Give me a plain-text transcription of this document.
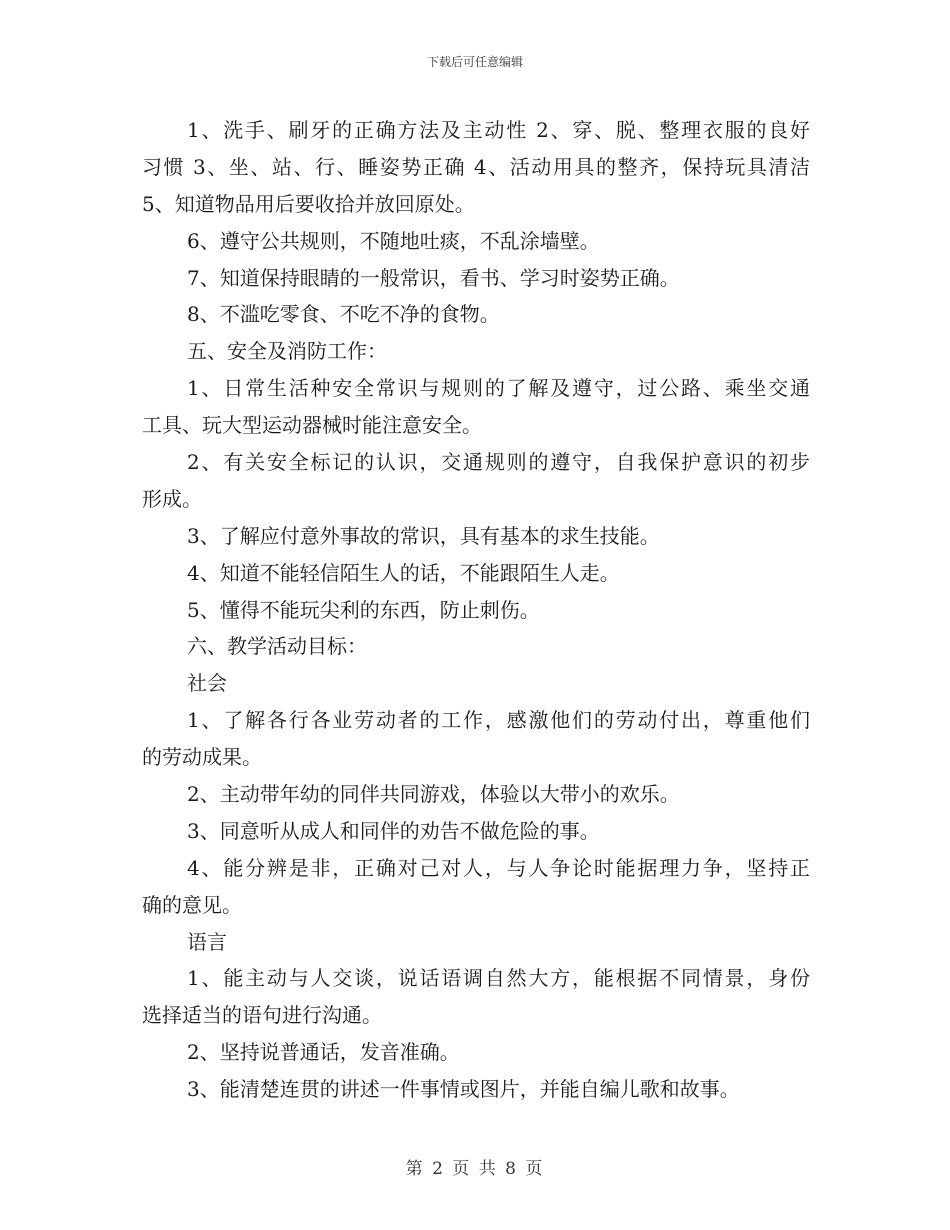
下载后可任意编辑
1、洗手、刷牙的正确方法及主动性 2、穿、脱、整理衣服的良好
习惯 3、坐、站、行、睡姿势正确 4、活动用具的整齐，保持玩具清洁
5、知道物品用后要收拾并放回原处。
6、遵守公共规则，不随地吐痰，不乱涂墙壁。
7、知道保持眼睛的一般常识，看书、学习时姿势正确。
8、不滥吃零食、不吃不净的食物。
五、安全及消防工作：
1、日常生活种安全常识与规则的了解及遵守，过公路、乘坐交通
工具、玩大型运动器械时能注意安全。
2、有关安全标记的认识，交通规则的遵守，自我保护意识的初步
形成。
3、了解应付意外事故的常识，具有基本的求生技能。
4、知道不能轻信陌生人的话，不能跟陌生人走。
5、懂得不能玩尖利的东西，防止刺伤。
六、教学活动目标：
社会
1、了解各行各业劳动者的工作，感激他们的劳动付出，尊重他们
的劳动成果。
2、主动带年幼的同伴共同游戏，体验以大带小的欢乐。
3、同意听从成人和同伴的劝告不做危险的事。
4、能分辨是非，正确对己对人，与人争论时能据理力争，坚持正
确的意见。
语言
1、能主动与人交谈，说话语调自然大方，能根据不同情景，身份
选择适当的语句进行沟通。
2、坚持说普通话，发音准确。
3、能清楚连贯的讲述一件事情或图片，并能自编儿歌和故事。
第 2 页 共 8 页
